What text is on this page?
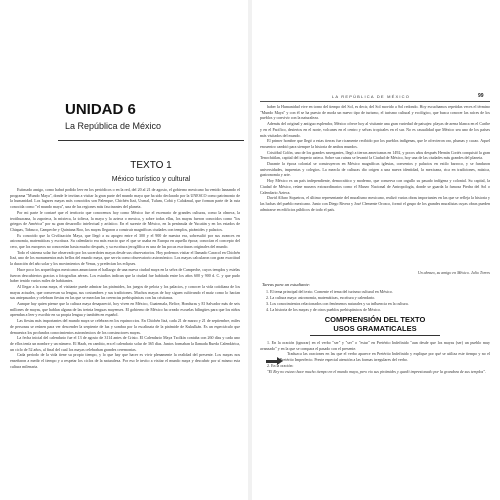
UNIDAD 6
La República de México
TEXTO 1
México turístico y cultural

Estimado amigo, como habrá podido leer en los periódicos o en la red, del 20 al 21 de agosto, el gobierno mexicano ha venido lanzando el programa "Mundo Maya", donde le invitan a visitar la gran parte del mundo maya que ha sido declarado por la UNESCO como patrimonio de la humanidad. Los lugares mayas más conocidos son Palenque, Chichén Itzá, Uxmal, Tulum, Cobá y Calakmul, que forman parte de la ruta conocida como "el mundo maya", una de las regiones más fascinantes del planeta.

Por mi parte le contaré que el territorio que conocemos hoy como México fue el escenario de grandes culturas, como la olmeca, la teotihuacana, la zapoteca, la mixteca, la tolteca, la maya y la azteca o mexica, y sobre todas ellas, los mayas fueron conocidos como "los griegos de América" por su gran desarrollo intelectual y artístico. En el sureste de México, en la península de Yucatán y en los estados de Chiapas, Tabasco, Campeche y Quintana Roo, los mayas llegaron a construir magníficas ciudades con templos, pirámides y palacios.

Es conocido que la Civilización Maya, que llegó a su apogeo entre el 300 y el 900 de nuestra era, sobresalió por sus avances en astronomía, matemáticas y escritura. Su calendario era más exacto que el que se usaba en Europa en aquella época; conocían el concepto del cero, que los europeos no conocerían hasta mucho después, y su escritura jeroglífica es una de las pocas escrituras originales del mundo.

Todo el sistema solar fue observado por los sacerdotes mayas desde sus observatorios. Hoy podemos visitar el llamado Caracol en Chichén Itzá, uno de los monumentos más bellos del mundo maya, que servía como observatorio astronómico. Los mayas calcularon con gran exactitud la duración del año solar y los movimientos de Venus, y predecían los eclipses.

Hace poco los arqueólogos mexicanos anunciaron el hallazgo de una nueva ciudad maya en la selva de Campeche, cuyos templos y estelas fueron descubiertos gracias a fotografías aéreas. Los estudios indican que la ciudad fue habitada entre los años 600 y 900 d. C. y que pudo haber tenido varios miles de habitantes.

Al llegar a la zona maya, el visitante puede admirar las pirámides, los juegos de pelota y los palacios, y conocer la vida cotidiana de los mayas actuales, que conservan su lengua, sus costumbres y sus tradiciones. Muchos mayas de hoy siguen cultivando el maíz como lo hacían sus antepasados y celebran fiestas en las que se mezclan las creencias prehispánicas con las cristianas.

Aunque hay quien piense que la cultura maya desapareció, hoy viven en México, Guatemala, Belice, Honduras y El Salvador más de seis millones de mayas, que hablan alguna de las treinta lenguas mayenses. El gobierno de México ha creado escuelas bilingües para que los niños aprendan a leer y escribir en su propia lengua y también en español.

Las fiestas más importantes del mundo maya se celebran en los equinoccios. En Chichén Itzá, cada 21 de marzo y 21 de septiembre, miles de personas se reúnen para ver descender la serpiente de luz y sombra por la escalinata de la pirámide de Kukulkán. Es un espectáculo que demuestra los profundos conocimientos astronómicos de los constructores mayas.

La fecha inicial del calendario fue el 13 de agosto de 3114 antes de Cristo. El Calendario Maya Tzolkín contaba con 260 días y cada uno de ellos tenía un nombre y un número. El Haab, en cambio, era el calendario solar de 365 días. Juntos formaban la llamada Rueda Calendárica, un ciclo de 52 años, al final del cual los mayas celebraban grandes ceremonias.

Cada período de la vida tiene su propio tiempo, y lo que hay que hacer es vivir plenamente la realidad del presente. Los mayas nos enseñaron a medir el tiempo y a respetar los ciclos de la naturaleza. Por eso le invito a visitar el mundo maya y descubrir por sí mismo esta cultura milenaria.

LA REPÚBLICA DE MÉXICO	99

haber la Humanidad vive en torno del tiempo del Sol, es decir, del Sol movido a Sol redondo. Hoy escuchamos repetidas veces el término "Mundo Maya" y con él se ha puesto de moda un nuevo tipo de turismo, el turismo cultural y ecológico, que busca conocer las raíces de los pueblos y convivir con la naturaleza.

Además del original y antiguo esplendor, México ofrece hoy al visitante una gran variedad de paisajes: playas de arena blanca en el Caribe y en el Pacífico, desiertos en el norte, volcanes en el centro y selvas tropicales en el sur. No es casualidad que México sea uno de los países más visitados del mundo.

El primer hombre que llegó a estas tierras fue ricamente recibido por los pueblos indígenas, que le ofrecieron oro, plumas y cacao. Aquel encuentro cambió para siempre la historia de ambos mundos.

Cristóbal Colón, uno de los grandes navegantes, llegó a tierras americanas en 1492, y pocos años después Hernán Cortés conquistó la gran Tenochtitlan, capital del imperio azteca. Sobre sus ruinas se levantó la Ciudad de México, hoy una de las ciudades más grandes del planeta.

Durante la época colonial se construyeron en México magníficas iglesias, conventos y palacios en estilo barroco, y se fundaron universidades, imprentas y colegios. La mezcla de culturas dio origen a una nueva identidad, la mexicana, rica en tradiciones, música, gastronomía y arte.

Hoy México es un país independiente, democrático y moderno, que conserva con orgullo su pasado indígena y colonial. Su capital, la Ciudad de México, reúne museos extraordinarios como el Museo Nacional de Antropología, donde se guarda la famosa Piedra del Sol o Calendario Azteca.

David Alfaro Siqueiros, el último representante del muralismo mexicano, realizó varias obras importantes en las que se refleja la historia y las luchas del pueblo mexicano. Junto con Diego Rivera y José Clemente Orozco, formó el grupo de los grandes muralistas cuyas obras pueden admirarse en edificios públicos de todo el país.

Un abrazo, su amigo en México. Julio Torres
Tareas para un estudiante:
1. El tema principal del texto. Comente el tema del turismo cultural en México.
2. La cultura maya: astronomía, matemáticas, escritura y calendario.
3. Los conocimientos relacionados con fenómenos naturales y su influencia en la cultura.
4. La historia de los mayas y de otros pueblos prehispánicos de México.
COMPRENSIÓN DEL TEXTO
USOS GRAMATICALES

1. En la oración (ignorar) en el verbo "ser" y "ser" o "estar" en Pretérito Indefinido "aun desde que los mayas (ser) un pueblo muy avanzado" y en la que se compara el pasado con el presente.

Traduzca las oraciones en las que el verbo aparece en Pretérito Indefinido y explique por qué se utiliza este tiempo y no el Pretérito Imperfecto. Preste especial atención a las formas irregulares del verbo.

2. En la oración:

"El Rey no estuvo hace mucho tiempo en el mundo maya, pero vio sus pirámides y quedó impresionado por la grandeza de sus templos".
